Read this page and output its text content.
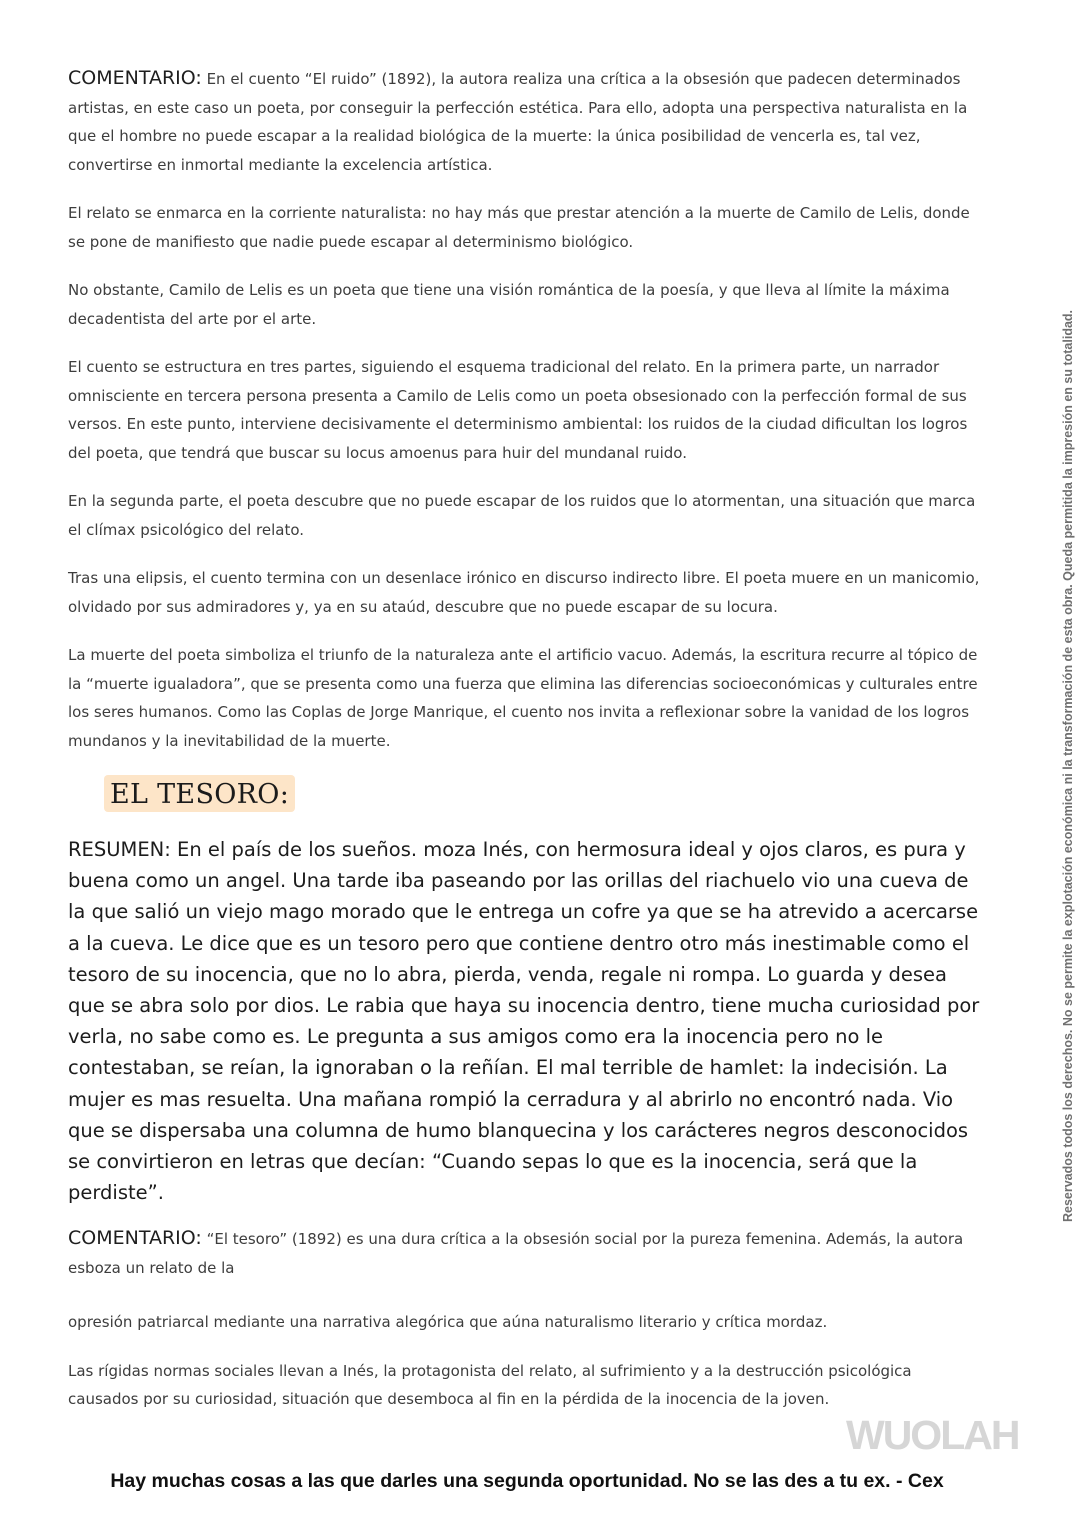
COMENTARIO: En el cuento “El ruido” (1892), la autora realiza una crítica a la obsesión que padecen determinados artistas, en este caso un poeta, por conseguir la perfección estética. Para ello, adopta una perspectiva naturalista en la que el hombre no puede escapar a la realidad biológica de la muerte: la única posibilidad de vencerla es, tal vez, convertirse en inmortal mediante la excelencia artística.

El relato se enmarca en la corriente naturalista: no hay más que prestar atención a la muerte de Camilo de Lelis, donde se pone de manifiesto que nadie puede escapar al determinismo biológico.

No obstante, Camilo de Lelis es un poeta que tiene una visión romántica de la poesía, y que lleva al límite la máxima decadentista del arte por el arte.

El cuento se estructura en tres partes, siguiendo el esquema tradicional del relato. En la primera parte, un narrador omnisciente en tercera persona presenta a Camilo de Lelis como un poeta obsesionado con la perfección formal de sus versos. En este punto, interviene decisivamente el determinismo ambiental: los ruidos de la ciudad dificultan los logros del poeta, que tendrá que buscar su locus amoenus para huir del mundanal ruido.

En la segunda parte, el poeta descubre que no puede escapar de los ruidos que lo atormentan, una situación que marca el clímax psicológico del relato.

Tras una elipsis, el cuento termina con un desenlace irónico en discurso indirecto libre. El poeta muere en un manicomio, olvidado por sus admiradores y, ya en su ataúd, descubre que no puede escapar de su locura.

La muerte del poeta simboliza el triunfo de la naturaleza ante el artificio vacuo. Además, la escritura recurre al tópico de la “muerte igualadora”, que se presenta como una fuerza que elimina las diferencias socioeconómicas y culturales entre los seres humanos. Como las Coplas de Jorge Manrique, el cuento nos invita a reflexionar sobre la vanidad de los logros mundanos y la inevitabilidad de la muerte.

EL TESORO:

RESUMEN: En el país de los sueños. moza Inés, con hermosura ideal y ojos claros, es pura y buena como un angel. Una tarde iba paseando por las orillas del riachuelo vio una cueva de la que salió un viejo mago morado que le entrega un cofre ya que se ha atrevido a acercarse a la cueva. Le dice que es un tesoro pero que contiene dentro otro más inestimable como el tesoro de su inocencia, que no lo abra, pierda, venda, regale ni rompa. Lo guarda y desea que se abra solo por dios. Le rabia que haya su inocencia dentro, tiene mucha curiosidad por verla, no sabe como es. Le pregunta a sus amigos como era la inocencia pero no le contestaban, se reían, la ignoraban o la reñían. El mal terrible de hamlet: la indecisión. La mujer es mas resuelta. Una mañana rompió la cerradura y al abrirlo no encontró nada. Vio que se dispersaba una columna de humo blanquecina y los carácteres negros desconocidos se convirtieron en letras que decían: “Cuando sepas lo que es la inocencia, será que la perdiste”.

COMENTARIO: “El tesoro” (1892) es una dura crítica a la obsesión social por la pureza femenina. Además, la autora esboza un relato de la

opresión patriarcal mediante una narrativa alegórica que aúna naturalismo literario y crítica mordaz.

Las rígidas normas sociales llevan a Inés, la protagonista del relato, al sufrimiento y a la destrucción psicológica causados por su curiosidad, situación que desemboca al fin en la pérdida de la inocencia de la joven.

Reservados todos los derechos. No se permite la explotación económica ni la transformación de esta obra. Queda permitida la impresión en su totalidad.
WUOLAH
Hay muchas cosas a las que darles una segunda oportunidad. No se las des a tu ex. - Cex
